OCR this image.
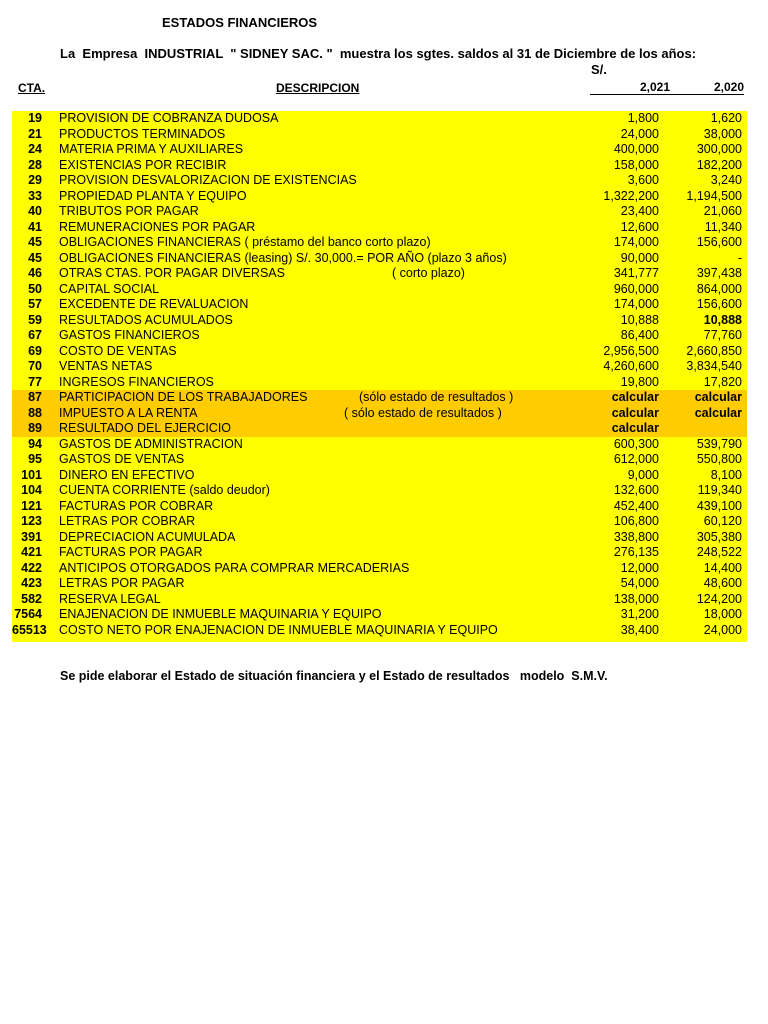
ESTADOS FINANCIEROS
La  Empresa  INDUSTRIAL  " SIDNEY SAC. "  muestra los sgtes. saldos al 31 de Diciembre de los años:
S/.
CTA.	DESCRIPCION	2,021	2,020
19 PROVISION DE COBRANZA DUDOSA	1,800	1,620
21 PRODUCTOS TERMINADOS	24,000	38,000
24 MATERIA PRIMA Y AUXILIARES	400,000	300,000
28 EXISTENCIAS POR RECIBIR	158,000	182,200
29 PROVISION DESVALORIZACION DE EXISTENCIAS	3,600	3,240
33 PROPIEDAD PLANTA Y EQUIPO	1,322,200 1,194,500
40 TRIBUTOS POR PAGAR	23,400	21,060
41 REMUNERACIONES POR PAGAR	12,600	11,340
45 OBLIGACIONES FINANCIERAS ( préstamo del banco corto plazo)	174,000	156,600
45 OBLIGACIONES FINANCIERAS (leasing) S/. 30,000.= POR AÑO (plazo 3 años)	90,000	-
46 OTRAS CTAS. POR PAGAR DIVERSAS	( corto plazo)	341,777	397,438
50 CAPITAL SOCIAL	960,000	864,000
57 EXCEDENTE DE REVALUACION	174,000	156,600
59 RESULTADOS ACUMULADOS	10,888	10,888
67 GASTOS FINANCIEROS	86,400	77,760
69 COSTO DE VENTAS	2,956,500 2,660,850
70 VENTAS NETAS	4,260,600 3,834,540
77 INGRESOS FINANCIEROS	19,800	17,820
87 PARTICIPACION DE LOS TRABAJADORES	(sólo estado de resultados )	calcular	calcular
88 IMPUESTO A LA RENTA	( sólo estado de resultados )	calcular	calcular
89 RESULTADO DEL EJERCICIO	calcular
94 GASTOS DE ADMINISTRACION	600,300	539,790
95 GASTOS DE VENTAS	612,000	550,800
101 DINERO EN EFECTIVO	9,000	8,100
104 CUENTA CORRIENTE (saldo deudor)	132,600	119,340
121 FACTURAS POR COBRAR	452,400	439,100
123 LETRAS POR COBRAR	106,800	60,120
391 DEPRECIACION ACUMULADA	338,800	305,380
421 FACTURAS POR PAGAR	276,135	248,522
422 ANTICIPOS OTORGADOS PARA COMPRAR MERCADERIAS	12,000	14,400
423 LETRAS POR PAGAR	54,000	48,600
582 RESERVA LEGAL	138,000	124,200
7564 ENAJENACION DE INMUEBLE MAQUINARIA Y EQUIPO	31,200	18,000
65513 COSTO NETO POR ENAJENACION DE INMUEBLE MAQUINARIA Y EQUIPO	38,400	24,000
Se pide elaborar el Estado de situación financiera y el Estado de resultados   modelo  S.M.V.
